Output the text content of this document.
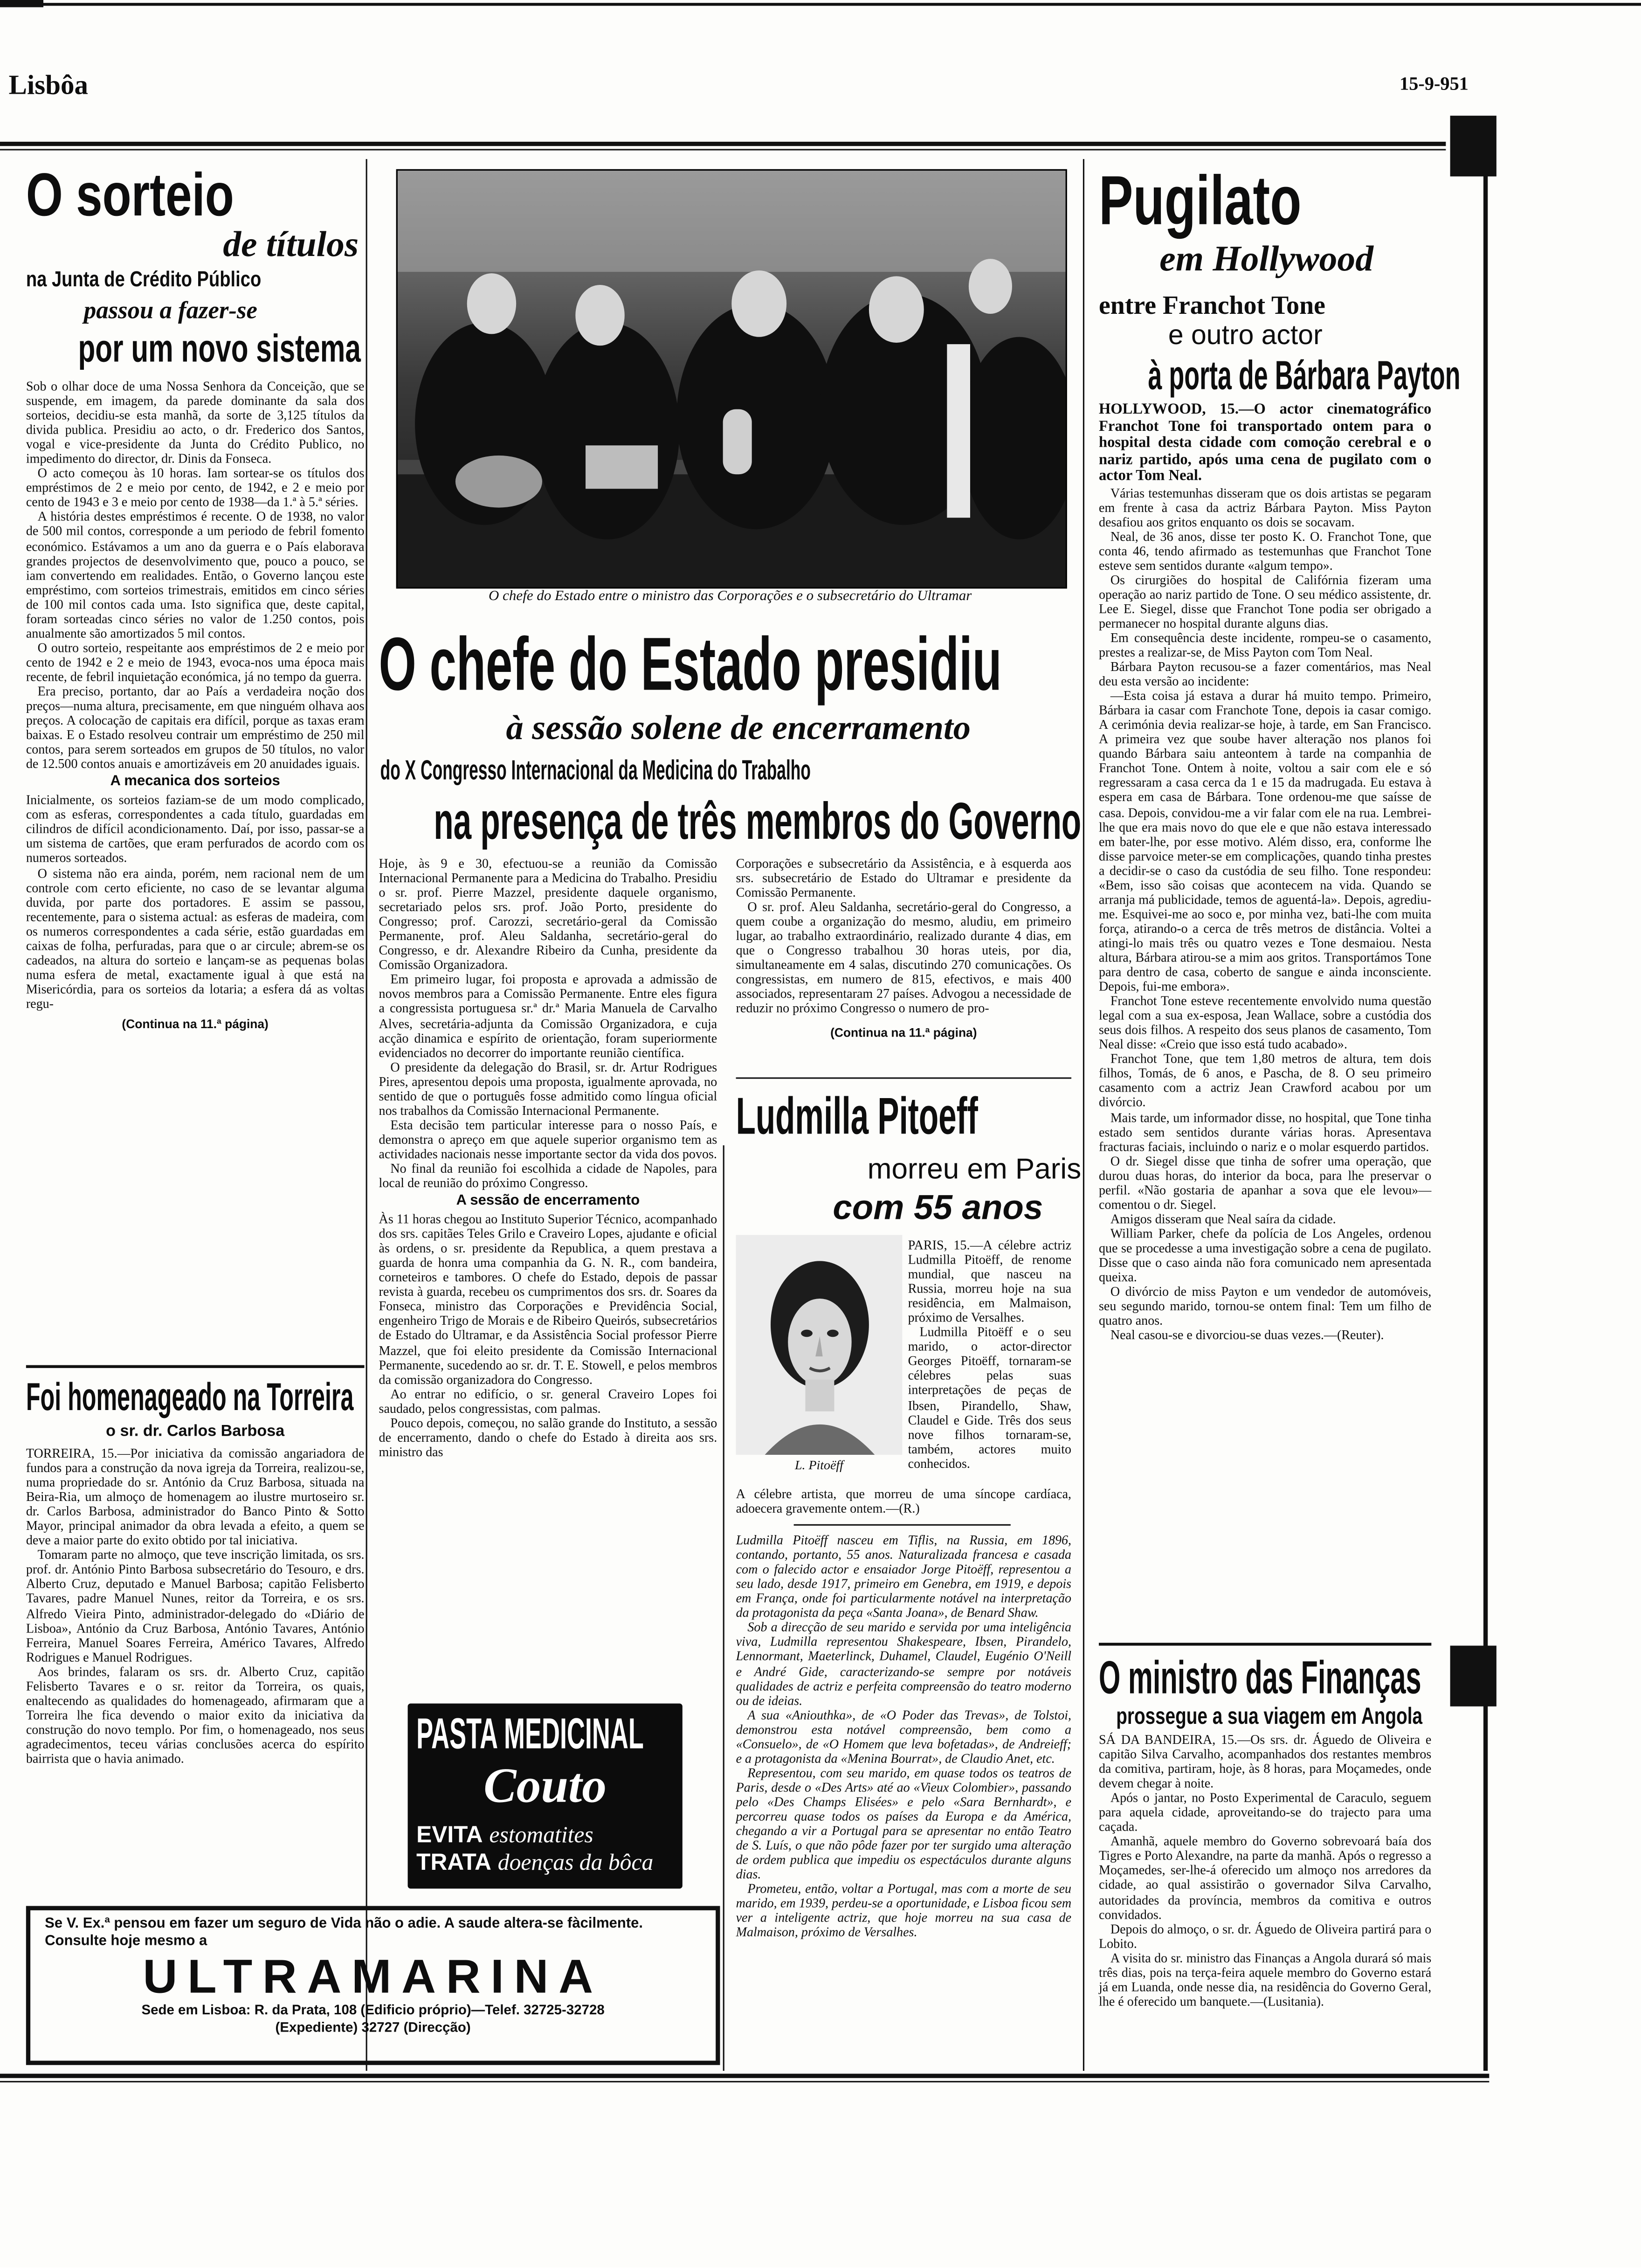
Lisbôa	15-9-951
O sorteio
de títulos
na Junta de Crédito Público
passou a fazer-se
por um novo sistema

Sob o olhar doce de uma Nossa Senhora da Conceição, que se suspende, em imagem, da parede dominante da sala dos sorteios, decidiu-se esta manhã, da sorte de 3,125 títulos da divida publica. Presidiu ao acto, o dr. Frederico dos Santos, vogal e vice-presidente da Junta do Crédito Publico, no impedimento do director, dr. Dinis da Fonseca.

O acto começou às 10 horas. Iam sortear-se os títulos dos empréstimos de 2 e meio por cento, de 1942, e 2 e meio por cento de 1943 e 3 e meio por cento de 1938—da 1.ª à 5.ª séries.

A história destes empréstimos é recente. O de 1938, no valor de 500 mil contos, corresponde a um periodo de febril fomento económico. Estávamos a um ano da guerra e o País elaborava grandes projectos de desenvolvimento que, pouco a pouco, se iam convertendo em realidades. Então, o Governo lançou este empréstimo, com sorteios trimestrais, emitidos em cinco séries de 100 mil contos cada uma. Isto significa que, deste capital, foram sorteadas cinco séries no valor de 1.250 contos, pois anualmente são amortizados 5 mil contos.

O outro sorteio, respeitante aos empréstimos de 2 e meio por cento de 1942 e 2 e meio de 1943, evoca-nos uma época mais recente, de febril inquietação económica, já no tempo da guerra.

Era preciso, portanto, dar ao País a verdadeira noção dos preços—numa altura, precisamente, em que ninguém olhava aos preços. A colocação de capitais era difícil, porque as taxas eram baixas. E o Estado resolveu contrair um empréstimo de 250 mil contos, para serem sorteados em grupos de 50 títulos, no valor de 12.500 contos anuais e amortizáveis em 20 anuidades iguais.

A mecanica dos sorteios

Inicialmente, os sorteios faziam-se de um modo complicado, com as esferas, correspondentes a cada título, guardadas em cilindros de difícil acondicionamento. Daí, por isso, passar-se a um sistema de cartões, que eram perfurados de acordo com os numeros sorteados.

O sistema não era ainda, porém, nem racional nem de um controle com certo eficiente, no caso de se levantar alguma duvida, por parte dos portadores. E assim se passou, recentemente, para o sistema actual: as esferas de madeira, com os numeros correspondentes a cada série, estão guardadas em caixas de folha, perfuradas, para que o ar circule; abrem-se os cadeados, na altura do sorteio e lançam-se as pequenas bolas numa esfera de metal, exactamente igual à que está na Misericórdia, para os sorteios da lotaria; a esfera dá as voltas regu-

(Continua na 11.ª página)
Foi homenageado na Torreira
o sr. dr. Carlos Barbosa

TORREIRA, 15.—Por iniciativa da comissão angariadora de fundos para a construção da nova igreja da Torreira, realizou-se, numa propriedade do sr. António da Cruz Barbosa, situada na Beira-Ria, um almoço de homenagem ao ilustre murtoseiro sr. dr. Carlos Barbosa, administrador do Banco Pinto & Sotto Mayor, principal animador da obra levada a efeito, a quem se deve a maior parte do exito obtido por tal iniciativa.

Tomaram parte no almoço, que teve inscrição limitada, os srs. prof. dr. António Pinto Barbosa subsecretário do Tesouro, e drs. Alberto Cruz, deputado e Manuel Barbosa; capitão Felisberto Tavares, padre Manuel Nunes, reitor da Torreira, e os srs. Alfredo Vieira Pinto, administrador-delegado do «Diário de Lisboa», António da Cruz Barbosa, António Tavares, António Ferreira, Manuel Soares Ferreira, Américo Tavares, Alfredo Rodrigues e Manuel Rodrigues.

Aos brindes, falaram os srs. dr. Alberto Cruz, capitão Felisberto Tavares e o sr. reitor da Torreira, os quais, enaltecendo as qualidades do homenageado, afirmaram que a Torreira lhe fica devendo o maior exito da iniciativa da construção do novo templo. Por fim, o homenageado, nos seus agradecimentos, teceu várias conclusões acerca do espírito bairrista que o havia animado.

Se V. Ex.ª pensou em fazer um seguro de Vida não o adie. A saude altera-se fàcilmente.
Consulte hoje mesmo a
ULTRAMARINA
Sede em Lisboa: R. da Prata, 108 (Edificio próprio)—Telef. 32725-32728
(Expediente) 32727 (Direcção)
O chefe do Estado entre o ministro das Corporações e o subsecretário do Ultramar
O chefe do Estado presidiu
à sessão solene de encerramento
do X Congresso Internacional da Medicina do Trabalho
na presença de três membros do Governo

Hoje, às 9 e 30, efectuou-se a reunião da Comissão Internacional Permanente para a Medicina do Trabalho. Presidiu o sr. prof. Pierre Mazzel, presidente daquele organismo, secretariado pelos srs. prof. João Porto, presidente do Congresso; prof. Carozzi, secretário-geral da Comissão Permanente, prof. Aleu Saldanha, secretário-geral do Congresso, e dr. Alexandre Ribeiro da Cunha, presidente da Comissão Organizadora.

Em primeiro lugar, foi proposta e aprovada a admissão de novos membros para a Comissão Permanente. Entre eles figura a congressista portuguesa sr.ª dr.ª Maria Manuela de Carvalho Alves, secretária-adjunta da Comissão Organizadora, e cuja acção dinamica e espírito de orientação, foram superiormente evidenciados no decorrer do importante reunião científica.

O presidente da delegação do Brasil, sr. dr. Artur Rodrigues Pires, apresentou depois uma proposta, igualmente aprovada, no sentido de que o português fosse admitido como língua oficial nos trabalhos da Comissão Internacional Permanente.

Esta decisão tem particular interesse para o nosso País, e demonstra o apreço em que aquele superior organismo tem as actividades nacionais nesse importante sector da vida dos povos.

No final da reunião foi escolhida a cidade de Napoles, para local de reunião do próximo Congresso.

A sessão de encerramento

Às 11 horas chegou ao Instituto Superior Técnico, acompanhado dos srs. capitães Teles Grilo e Craveiro Lopes, ajudante e oficial às ordens, o sr. presidente da Republica, a quem prestava a guarda de honra uma companhia da G. N. R., com bandeira, corneteiros e tambores. O chefe do Estado, depois de passar revista à guarda, recebeu os cumprimentos dos srs. dr. Soares da Fonseca, ministro das Corporações e Previdência Social, engenheiro Trigo de Morais e de Ribeiro Queirós, subsecretários de Estado do Ultramar, e da Assistência Social professor Pierre Mazzel, que foi eleito presidente da Comissão Internacional Permanente, sucedendo ao sr. dr. T. E. Stowell, e pelos membros da comissão organizadora do Congresso.

Ao entrar no edifício, o sr. general Craveiro Lopes foi saudado, pelos congressistas, com palmas.

Pouco depois, começou, no salão grande do Instituto, a sessão de encerramento, dando o chefe do Estado à direita aos srs. ministro das

Corporações e subsecretário da Assistência, e à esquerda aos srs. subsecretário de Estado do Ultramar e presidente da Comissão Permanente.

O sr. prof. Aleu Saldanha, secretário-geral do Congresso, a quem coube a organização do mesmo, aludiu, em primeiro lugar, ao trabalho extraordinário, realizado durante 4 dias, em que o Congresso trabalhou 30 horas uteis, por dia, simultaneamente em 4 salas, discutindo 270 comunicações. Os congressistas, em numero de 815, efectivos, e mais 400 associados, representaram 27 países. Advogou a necessidade de reduzir no próximo Congresso o numero de pro-

(Continua na 11.ª página)
PASTA MEDICINAL
Couto
EVITA estomatites
TRATA doenças da bôca
Ludmilla Pitoeff
morreu em Paris
com 55 anos
L. Pitoëff

PARIS, 15.—A célebre actriz Ludmilla Pitoëff, de renome mundial, que nasceu na Russia, morreu hoje na sua residência, em Malmaison, próximo de Versalhes.

Ludmilla Pitoëff e o seu marido, o actor-director Georges Pitoëff, tornaram-se célebres pelas suas interpretações de peças de Ibsen, Pirandello, Shaw, Claudel e Gide. Três dos seus nove filhos tornaram-se, também, actores muito conhecidos.

A célebre artista, que morreu de uma síncope cardíaca, adoecera gravemente ontem.—(R.)

Ludmilla Pitoëff nasceu em Tiflis, na Russia, em 1896, contando, portanto, 55 anos. Naturalizada francesa e casada com o falecido actor e ensaiador Jorge Pitoëff, representou a seu lado, desde 1917, primeiro em Genebra, em 1919, e depois em França, onde foi particularmente notável na interpretação da protagonista da peça «Santa Joana», de Benard Shaw.

Sob a direcção de seu marido e servida por uma inteligência viva, Ludmilla representou Shakespeare, Ibsen, Pirandelo, Lennormant, Maeterlinck, Duhamel, Claudel, Eugénio O'Neill e André Gide, caracterizando-se sempre por notáveis qualidades de actriz e perfeita compreensão do teatro moderno ou de ideias.

A sua «Aniouthka», de «O Poder das Trevas», de Tolstoi, demonstrou esta notável compreensão, bem como a «Consuelo», de «O Homem que leva bofetadas», de Andreieff; e a protagonista da «Menina Bourrat», de Claudio Anet, etc.

Representou, com seu marido, em quase todos os teatros de Paris, desde o «Des Arts» até ao «Vieux Colombier», passando pelo «Des Champs Elisées» e pelo «Sara Bernhardt», e percorreu quase todos os países da Europa e da América, chegando a vir a Portugal para se apresentar no então Teatro de S. Luís, o que não pôde fazer por ter surgido uma alteração de ordem publica que impediu os espectáculos durante alguns dias.

Prometeu, então, voltar a Portugal, mas com a morte de seu marido, em 1939, perdeu-se a oportunidade, e Lisboa ficou sem ver a inteligente actriz, que hoje morreu na sua casa de Malmaison, próximo de Versalhes.

Pugilato
em Hollywood
entre Franchot Tone
e outro actor
à porta de Bárbara Payton

HOLLYWOOD, 15.—O actor cinematográfico Franchot Tone foi transportado ontem para o hospital desta cidade com comoção cerebral e o nariz partido, após uma cena de pugilato com o actor Tom Neal.

Várias testemunhas disseram que os dois artistas se pegaram em frente à casa da actriz Bárbara Payton. Miss Payton desafiou aos gritos enquanto os dois se socavam.

Neal, de 36 anos, disse ter posto K. O. Franchot Tone, que conta 46, tendo afirmado as testemunhas que Franchot Tone esteve sem sentidos durante «algum tempo».

Os cirurgiões do hospital de Califórnia fizeram uma operação ao nariz partido de Tone. O seu médico assistente, dr. Lee E. Siegel, disse que Franchot Tone podia ser obrigado a permanecer no hospital durante alguns dias.

Em consequência deste incidente, rompeu-se o casamento, prestes a realizar-se, de Miss Payton com Tom Neal.

Bárbara Payton recusou-se a fazer comentários, mas Neal deu esta versão ao incidente:

—Esta coisa já estava a durar há muito tempo. Primeiro, Bárbara ia casar com Franchote Tone, depois ia casar comigo. A cerimónia devia realizar-se hoje, à tarde, em San Francisco. A primeira vez que soube haver alteração nos planos foi quando Bárbara saiu anteontem à tarde na companhia de Franchot Tone. Ontem à noite, voltou a sair com ele e só regressaram a casa cerca da 1 e 15 da madrugada. Eu estava à espera em casa de Bárbara. Tone ordenou-me que saísse de casa. Depois, convidou-me a vir falar com ele na rua. Lembrei-lhe que era mais novo do que ele e que não estava interessado em bater-lhe, por esse motivo. Além disso, era, conforme lhe disse parvoice meter-se em complicações, quando tinha prestes a decidir-se o caso da custódia de seu filho. Tone respondeu: «Bem, isso são coisas que acontecem na vida. Quando se arranja má publicidade, temos de aguentá-la». Depois, agrediu-me. Esquivei-me ao soco e, por minha vez, bati-lhe com muita força, atirando-o a cerca de três metros de distância. Voltei a atingi-lo mais três ou quatro vezes e Tone desmaiou. Nesta altura, Bárbara atirou-se a mim aos gritos. Transportámos Tone para dentro de casa, coberto de sangue e ainda inconsciente. Depois, fui-me embora».

Franchot Tone esteve recentemente envolvido numa questão legal com a sua ex-esposa, Jean Wallace, sobre a custódia dos seus dois filhos. A respeito dos seus planos de casamento, Tom Neal disse: «Creio que isso está tudo acabado».

Franchot Tone, que tem 1,80 metros de altura, tem dois filhos, Tomás, de 6 anos, e Pascha, de 8. O seu primeiro casamento com a actriz Jean Crawford acabou por um divórcio.

Mais tarde, um informador disse, no hospital, que Tone tinha estado sem sentidos durante várias horas. Apresentava fracturas faciais, incluindo o nariz e o molar esquerdo partidos.

O dr. Siegel disse que tinha de sofrer uma operação, que durou duas horas, do interior da boca, para lhe preservar o perfil. «Não gostaria de apanhar a sova que ele levou»—comentou o dr. Siegel.

Amigos disseram que Neal saíra da cidade.

William Parker, chefe da polícia de Los Angeles, ordenou que se procedesse a uma investigação sobre a cena de pugilato. Disse que o caso ainda não fora comunicado nem apresentada queixa.

O divórcio de miss Payton e um vendedor de automóveis, seu segundo marido, tornou-se ontem final: Tem um filho de quatro anos.

Neal casou-se e divorciou-se duas vezes.—(Reuter).

O ministro das Finanças
prossegue a sua viagem em Angola

SÁ DA BANDEIRA, 15.—Os srs. dr. Águedo de Oliveira e capitão Silva Carvalho, acompanhados dos restantes membros da comitiva, partiram, hoje, às 8 horas, para Moçamedes, onde devem chegar à noite.

Após o jantar, no Posto Experimental de Caraculo, seguem para aquela cidade, aproveitando-se do trajecto para uma caçada.

Amanhã, aquele membro do Governo sobrevoará baía dos Tigres e Porto Alexandre, na parte da manhã. Após o regresso a Moçamedes, ser-lhe-á oferecido um almoço nos arredores da cidade, ao qual assistirão o governador Silva Carvalho, autoridades da província, membros da comitiva e outros convidados.

Depois do almoço, o sr. dr. Águedo de Oliveira partirá para o Lobito.

A visita do sr. ministro das Finanças a Angola durará só mais três dias, pois na terça-feira aquele membro do Governo estará já em Luanda, onde nesse dia, na residência do Governo Geral, lhe é oferecido um banquete.—(Lusitania).
